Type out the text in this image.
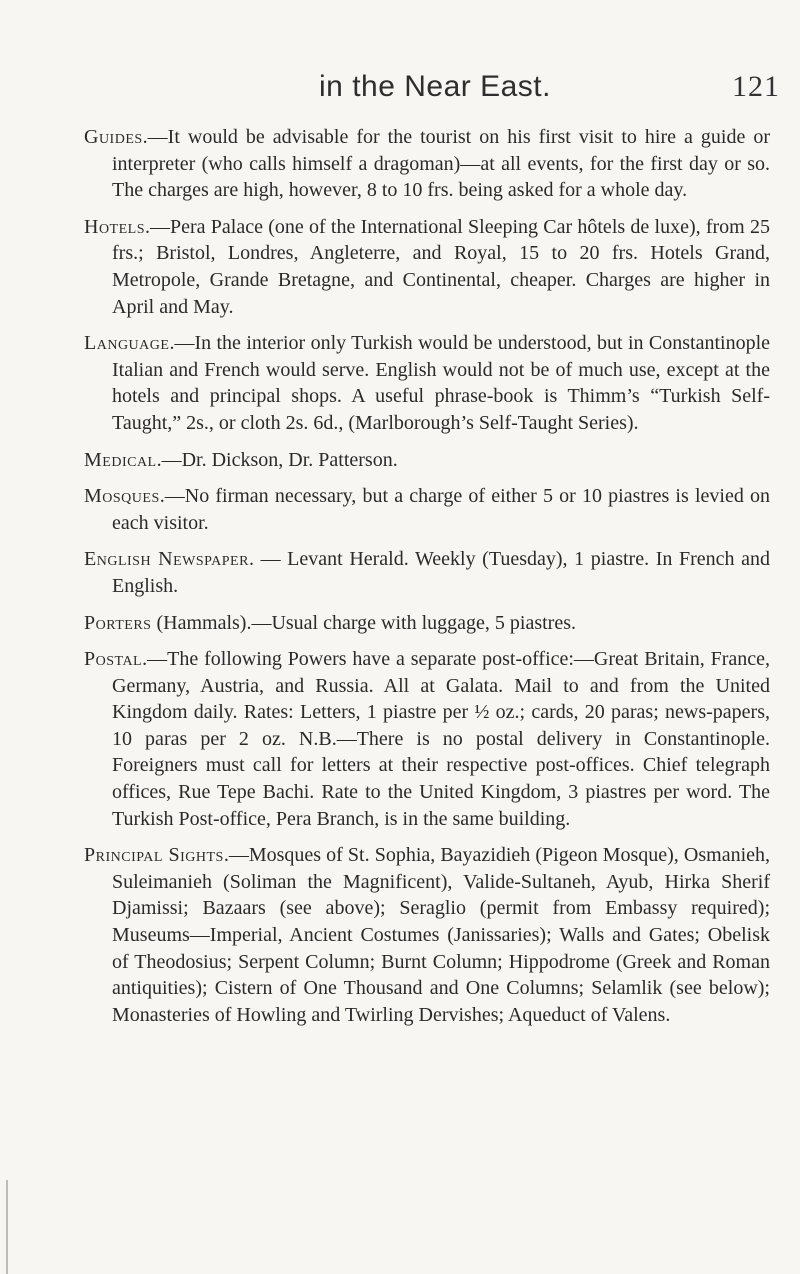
in the Near East.	121

Guides.—It would be advisable for the tourist on his first visit to hire a guide or interpreter (who calls himself a dragoman)—at all events, for the first day or so. The charges are high, however, 8 to 10 frs. being asked for a whole day.

Hotels.—Pera Palace (one of the International Sleeping Car hôtels de luxe), from 25 frs.; Bristol, Londres, Angleterre, and Royal, 15 to 20 frs. Hotels Grand, Metropole, Grande Bretagne, and Continental, cheaper. Charges are higher in April and May.

Language.—In the interior only Turkish would be understood, but in Constantinople Italian and French would serve. English would not be of much use, except at the hotels and principal shops. A useful phrase-book is Thimm’s “Turkish Self-Taught,” 2s., or cloth 2s. 6d., (Marlborough’s Self-Taught Series).

Medical.—Dr. Dickson, Dr. Patterson.

Mosques.—No firman necessary, but a charge of either 5 or 10 piastres is levied on each visitor.

English Newspaper. — Levant Herald. Weekly (Tuesday), 1 piastre. In French and English.

Porters (Hammals).—Usual charge with luggage, 5 piastres.

Postal.—The following Powers have a separate post-office:—Great Britain, France, Germany, Austria, and Russia. All at Galata. Mail to and from the United Kingdom daily. Rates: Letters, 1 piastre per ½ oz.; cards, 20 paras; news-papers, 10 paras per 2 oz. N.B.—There is no postal delivery in Constantinople. Foreigners must call for letters at their respective post-offices. Chief telegraph offices, Rue Tepe Bachi. Rate to the United Kingdom, 3 piastres per word. The Turkish Post-office, Pera Branch, is in the same building.

Principal Sights.—Mosques of St. Sophia, Bayazidieh (Pigeon Mosque), Osmanieh, Suleimanieh (Soliman the Magnificent), Valide-Sultaneh, Ayub, Hirka Sherif Djamissi; Bazaars (see above); Seraglio (permit from Embassy required); Museums—Imperial, Ancient Costumes (Janissaries); Walls and Gates; Obelisk of Theodosius; Serpent Column; Burnt Column; Hippodrome (Greek and Roman antiquities); Cistern of One Thousand and One Columns; Selamlik (see below); Monasteries of Howling and Twirling Dervishes; Aqueduct of Valens.
